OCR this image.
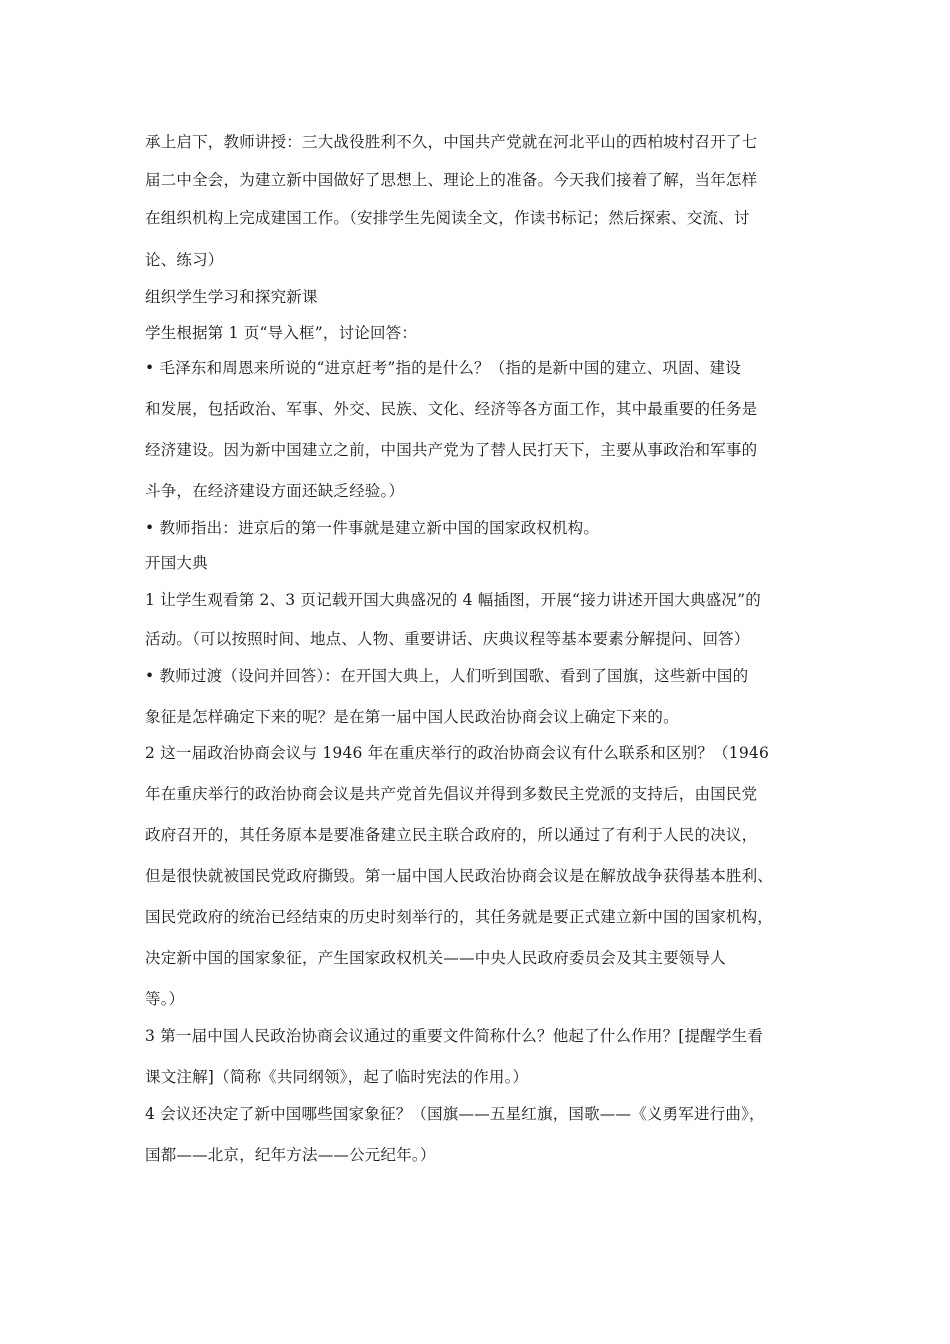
承上启下，教师讲授：三大战役胜利不久，中国共产党就在河北平山的西柏坡村召开了七
届二中全会，为建立新中国做好了思想上、理论上的准备。今天我们接着了解，当年怎样
在组织机构上完成建国工作。（安排学生先阅读全文，作读书标记；然后探索、交流、讨
论、练习）
组织学生学习和探究新课
学生根据第 1 页“导入框”，讨论回答：
• 毛泽东和周恩来所说的“进京赶考”指的是什么？（指的是新中国的建立、巩固、建设
和发展，包括政治、军事、外交、民族、文化、经济等各方面工作，其中最重要的任务是
经济建设。因为新中国建立之前，中国共产党为了替人民打天下，主要从事政治和军事的
斗争，在经济建设方面还缺乏经验。）
• 教师指出：进京后的第一件事就是建立新中国的国家政权机构。
开国大典
1 让学生观看第 2、3 页记载开国大典盛况的 4 幅插图，开展“接力讲述开国大典盛况”的
活动。（可以按照时间、地点、人物、重要讲话、庆典议程等基本要素分解提问、回答）
• 教师过渡（设问并回答）：在开国大典上，人们听到国歌、看到了国旗，这些新中国的
象征是怎样确定下来的呢？是在第一届中国人民政治协商会议上确定下来的。
2 这一届政治协商会议与 1946 年在重庆举行的政治协商会议有什么联系和区别？（1946
年在重庆举行的政治协商会议是共产党首先倡议并得到多数民主党派的支持后，由国民党
政府召开的，其任务原本是要准备建立民主联合政府的，所以通过了有利于人民的决议，
但是很快就被国民党政府撕毁。第一届中国人民政治协商会议是在解放战争获得基本胜利、
国民党政府的统治已经结束的历史时刻举行的，其任务就是要正式建立新中国的国家机构，
决定新中国的国家象征，产生国家政权机关——中央人民政府委员会及其主要领导人
等。）
3 第一届中国人民政治协商会议通过的重要文件简称什么？他起了什么作用？[提醒学生看
课文注解]（简称《共同纲领》，起了临时宪法的作用。）
4 会议还决定了新中国哪些国家象征？（国旗——五星红旗，国歌——《义勇军进行曲》，
国都——北京，纪年方法——公元纪年。）
